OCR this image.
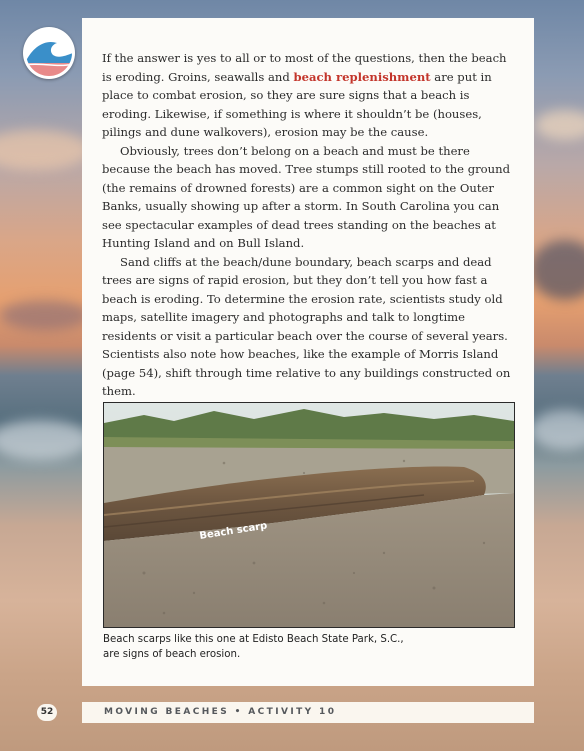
If the answer is yes to all or to most of the questions, then the beach is eroding. Groins, seawalls and beach replenishment are put in place to combat erosion, so they are sure signs that a beach is eroding. Likewise, if something is where it shouldn’t be (houses, pilings and dune walkovers), erosion may be the cause.

Obviously, trees don’t belong on a beach and must be there because the beach has moved. Tree stumps still rooted to the ground (the remains of drowned forests) are a common sight on the Outer Banks, usually showing up after a storm. In South Carolina you can see spectacular examples of dead trees standing on the beaches at Hunting Island and on Bull Island.

Sand cliffs at the beach/dune boundary, beach scarps and dead trees are signs of rapid erosion, but they don’t tell you how fast a beach is eroding. To determine the erosion rate, scientists study old maps, satellite imagery and photographs and talk to longtime residents or visit a particular beach over the course of several years. Scientists also note how beaches, like the example of Morris Island (page 54), shift through time relative to any buildings constructed on them.

Beach scarp
Beach scarps like this one at Edisto Beach State Park, S.C.,
are signs of beach erosion.
52	MOVING BEACHES • ACTIVITY 10
